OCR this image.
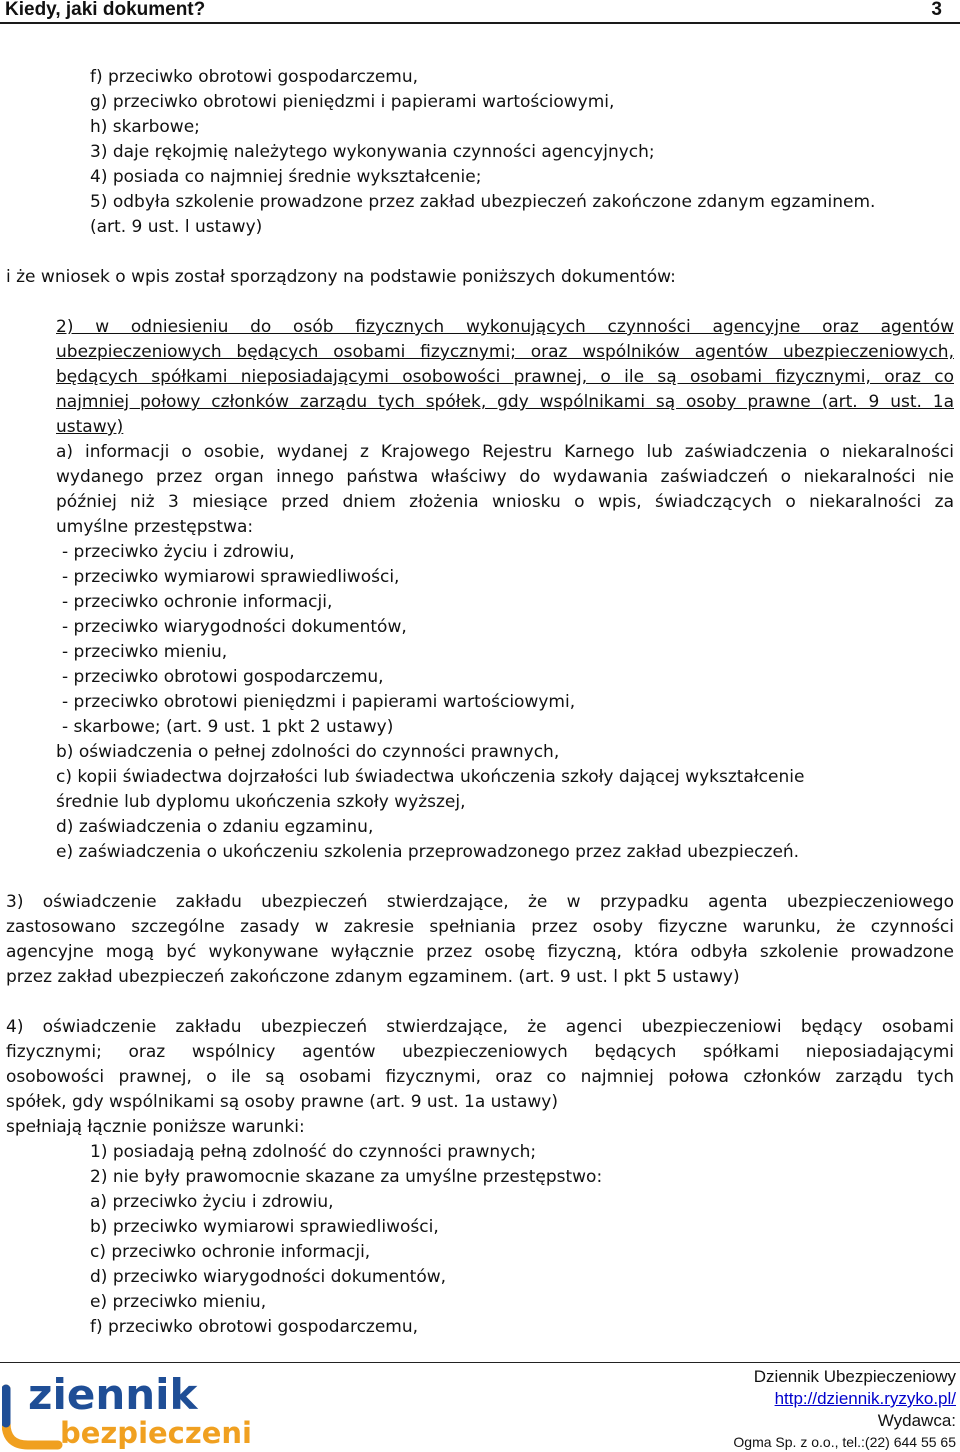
Kiedy, jaki dokument?	3
f) przeciwko obrotowi gospodarczemu,
g) przeciwko obrotowi pieniędzmi i papierami wartościowymi,
h) skarbowe;
3) daje rękojmię należytego wykonywania czynności agencyjnych;
4) posiada co najmniej średnie wykształcenie;
5) odbyła szkolenie prowadzone przez zakład ubezpieczeń zakończone zdanym egzaminem.
(art. 9 ust. l ustawy)
i że wniosek o wpis został sporządzony na podstawie poniższych dokumentów:
2) w odniesieniu do osób fizycznych wykonujących czynności agencyjne oraz agentów
ubezpieczeniowych będących osobami fizycznymi; oraz wspólników agentów ubezpieczeniowych,
będących spółkami nieposiadającymi osobowości prawnej, o ile są osobami fizycznymi, oraz co
najmniej połowy członków zarządu tych spółek, gdy wspólnikami są osoby prawne (art. 9 ust. 1a
ustawy)
a) informacji o osobie, wydanej z Krajowego Rejestru Karnego lub zaświadczenia o niekaralności
wydanego przez organ innego państwa właściwy do wydawania zaświadczeń o niekaralności nie
później niż 3 miesiące przed dniem złożenia wniosku o wpis, świadczących o niekaralności za
umyślne przestępstwa:
- przeciwko życiu i zdrowiu,
- przeciwko wymiarowi sprawiedliwości,
- przeciwko ochronie informacji,
- przeciwko wiarygodności dokumentów,
- przeciwko mieniu,
- przeciwko obrotowi gospodarczemu,
- przeciwko obrotowi pieniędzmi i papierami wartościowymi,
- skarbowe; (art. 9 ust. 1 pkt 2 ustawy)
b) oświadczenia o pełnej zdolności do czynności prawnych,
c) kopii świadectwa dojrzałości lub świadectwa ukończenia szkoły dającej wykształcenie
średnie lub dyplomu ukończenia szkoły wyższej,
d) zaświadczenia o zdaniu egzaminu,
e) zaświadczenia o ukończeniu szkolenia przeprowadzonego przez zakład ubezpieczeń.
3) oświadczenie zakładu ubezpieczeń stwierdzające, że w przypadku agenta ubezpieczeniowego
zastosowano szczególne zasady w zakresie spełniania przez osoby fizyczne warunku, że czynności
agencyjne mogą być wykonywane wyłącznie przez osobę fizyczną, która odbyła szkolenie prowadzone
przez zakład ubezpieczeń zakończone zdanym egzaminem. (art. 9 ust. l pkt 5 ustawy)
4) oświadczenie zakładu ubezpieczeń stwierdzające, że agenci ubezpieczeniowi będący osobami
fizycznymi; oraz wspólnicy agentów ubezpieczeniowych będących spółkami nieposiadającymi
osobowości prawnej, o ile są osobami fizycznymi, oraz co najmniej połowa członków zarządu tych
spółek, gdy wspólnikami są osoby prawne (art. 9 ust. 1a ustawy)
spełniają łącznie poniższe warunki:
1) posiadają pełną zdolność do czynności prawnych;
2) nie były prawomocnie skazane za umyślne przestępstwo:
a) przeciwko życiu i zdrowiu,
b) przeciwko wymiarowi sprawiedliwości,
c) przeciwko ochronie informacji,
d) przeciwko wiarygodności dokumentów,
e) przeciwko mieniu,
f) przeciwko obrotowi gospodarczemu,
ziennik
bezpieczeni
Dziennik Ubezpieczeniowy
http://dziennik.ryzyko.pl/
Wydawca:
Ogma Sp. z o.o., tel.:(22) 644 55 65
